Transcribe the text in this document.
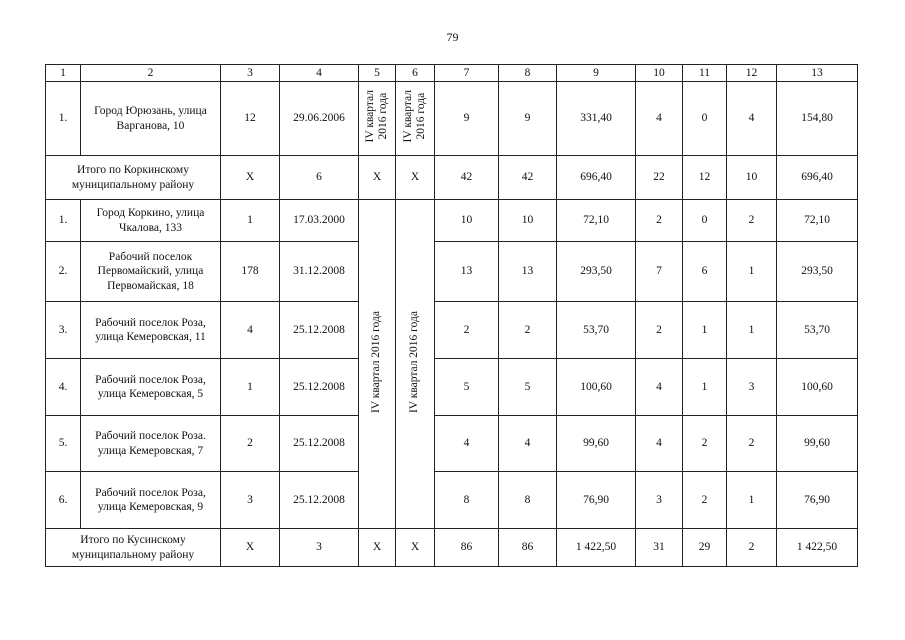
79
1	2	3	4	5	6	7	8	9	10	11	12	13
1.	Город Юрюзань, улица
Варганова, 10	12	29.06.2006	IV квартал
2016 года	IV квартал
2016 года	9	9	331,40	4	0	4	154,80
Итого по Коркинскому
муниципальному району		X	6	X	X	42	42	696,40	22	12	10	696,40
1.	Город Коркино, улица
Чкалова, 133	1	17.03.2000	IV квартал 2016 года	IV квартал 2016 года	10	10	72,10	2	0	2	72,10
2.	Рабочий поселок
Первомайский, улица
Первомайская, 18	178	31.12.2008			13	13	293,50	7	6	1	293,50
3.	Рабочий поселок Роза,
улица Кемеровская, 11	4	25.12.2008			2	2	53,70	2	1	1	53,70
4.	Рабочий поселок Роза,
улица Кемеровская, 5	1	25.12.2008			5	5	100,60	4	1	3	100,60
5.	Рабочий поселок Роза.
улица Кемеровская, 7	2	25.12.2008			4	4	99,60	4	2	2	99,60
6.	Рабочий поселок Роза,
улица Кемеровская, 9	3	25.12.2008			8	8	76,90	3	2	1	76,90
Итого по Кусинскому
муниципальному району		X	3	X	X	86	86	1 422,50	31	29	2	1 422,50
